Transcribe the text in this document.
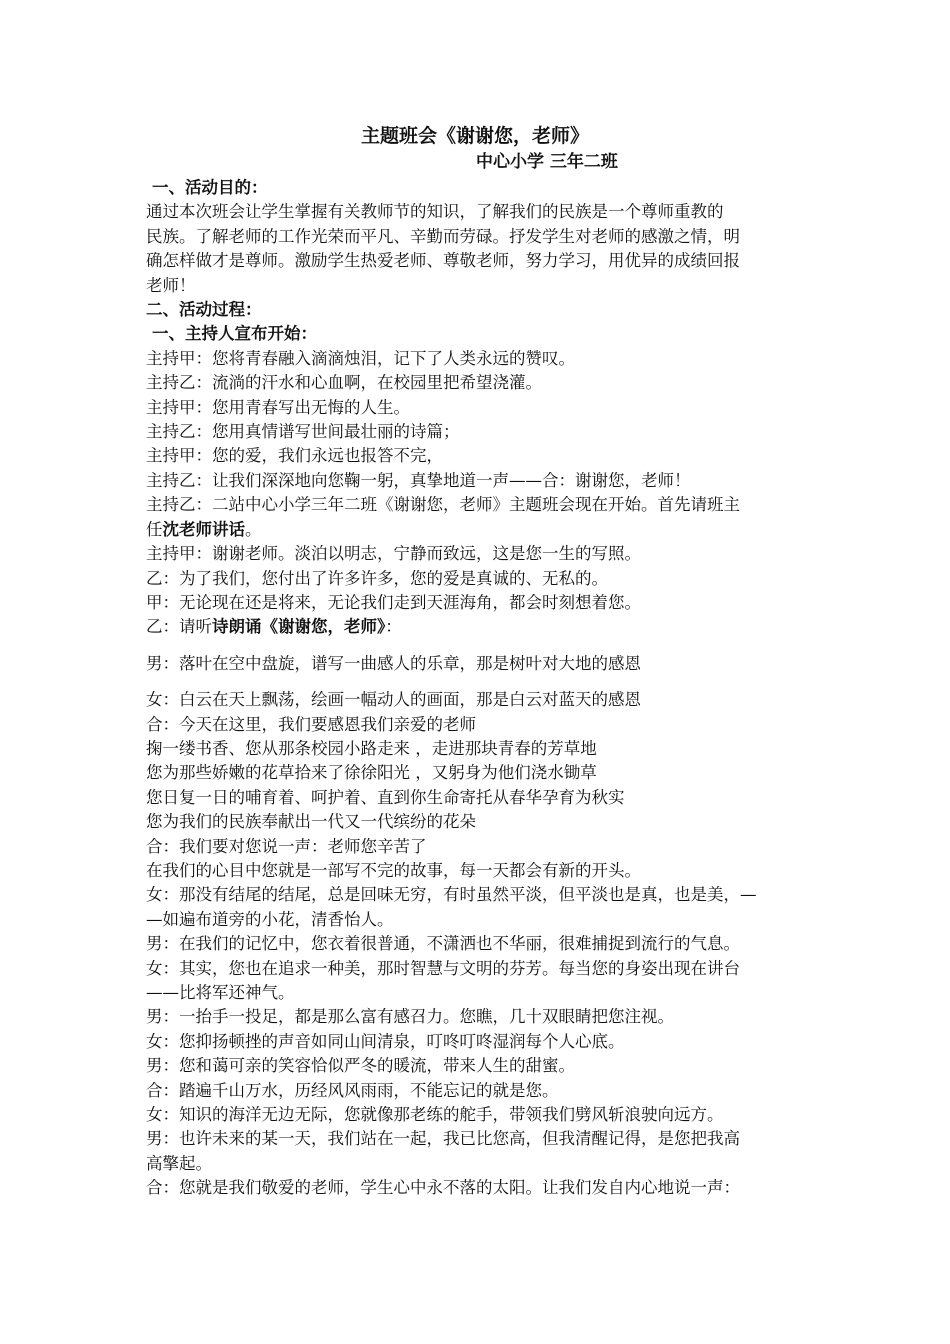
主题班会《谢谢您，老师》
中心小学 三年二班

一、活动目的：

通过本次班会让学生掌握有关教师节的知识，了解我们的民族是一个尊师重教的

民族。了解老师的工作光荣而平凡、辛勤而劳碌。抒发学生对老师的感激之情，明

确怎样做才是尊师。激励学生热爱老师、尊敬老师，努力学习，用优异的成绩回报

老师！

二、活动过程：

一、主持人宣布开始：

主持甲：您将青春融入滴滴烛泪，记下了人类永远的赞叹。

主持乙：流淌的汗水和心血啊，在校园里把希望浇灌。

主持甲：您用青春写出无悔的人生。

主持乙：您用真情谱写世间最壮丽的诗篇；

主持甲：您的爱，我们永远也报答不完，

主持乙：让我们深深地向您鞠一躬，真挚地道一声——合：谢谢您，老师！

主持乙：二站中心小学三年二班《谢谢您，老师》主题班会现在开始。首先请班主

任沈老师讲话。

主持甲：谢谢老师。淡泊以明志，宁静而致远，这是您一生的写照。

乙：为了我们，您付出了许多许多，您的爱是真诚的、无私的。

甲：无论现在还是将来，无论我们走到天涯海角，都会时刻想着您。

乙：请听诗朗诵《谢谢您，老师》：

男：落叶在空中盘旋，谱写一曲感人的乐章，那是树叶对大地的感恩

女：白云在天上飘荡，绘画一幅动人的画面，那是白云对蓝天的感恩

合：今天在这里，我们要感恩我们亲爱的老师

掬一缕书香、您从那条校园小路走来 ，走进那块青春的芳草地

您为那些娇嫩的花草拾来了徐徐阳光 ，又躬身为他们浇水锄草

您日复一日的哺育着、呵护着、直到你生命寄托从春华孕育为秋实

您为我们的民族奉献出一代又一代缤纷的花朵

合：我们要对您说一声：老师您辛苦了

在我们的心目中您就是一部写不完的故事，每一天都会有新的开头。

女：那没有结尾的结尾，总是回味无穷，有时虽然平淡，但平淡也是真，也是美，—

—如遍布道旁的小花，清香怡人。

男：在我们的记忆中，您衣着很普通，不潇洒也不华丽，很难捕捉到流行的气息。

女：其实，您也在追求一种美，那时智慧与文明的芬芳。每当您的身姿出现在讲台

——比将军还神气。

男：一抬手一投足，都是那么富有感召力。您瞧，几十双眼睛把您注视。

女：您抑扬顿挫的声音如同山间清泉，叮咚叮咚湿润每个人心底。

男：您和蔼可亲的笑容恰似严冬的暖流，带来人生的甜蜜。

合：踏遍千山万水，历经风风雨雨，不能忘记的就是您。

女：知识的海洋无边无际，您就像那老练的舵手，带领我们劈风斩浪驶向远方。

男：也许未来的某一天，我们站在一起，我已比您高，但我清醒记得，是您把我高

高擎起。

合：您就是我们敬爱的老师，学生心中永不落的太阳。让我们发自内心地说一声：
